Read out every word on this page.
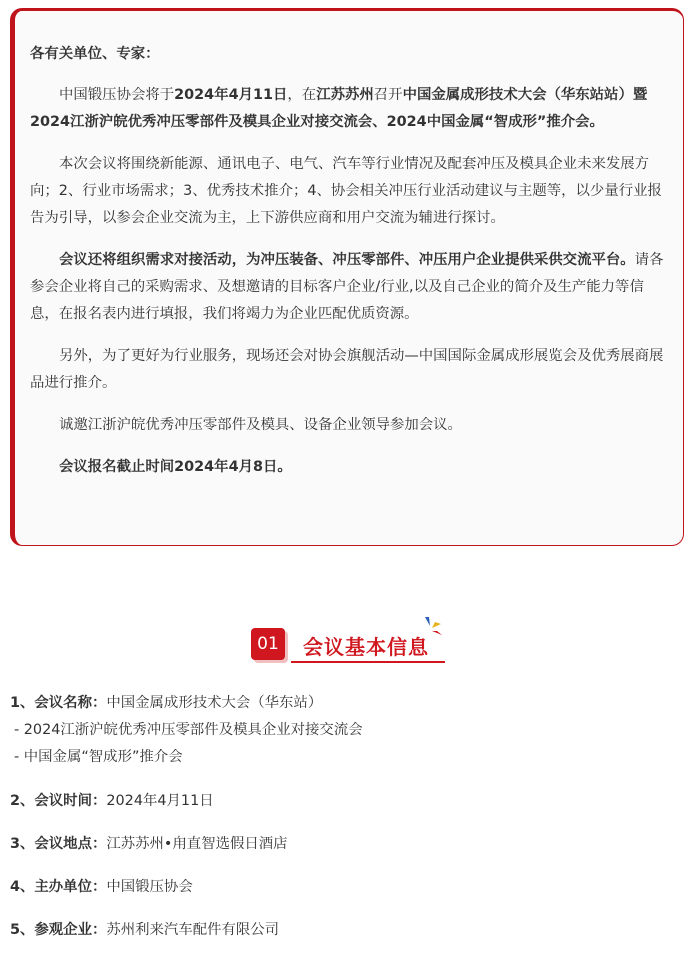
各有关单位、专家：

中国锻压协会将于2024年4月11日，在江苏苏州召开中国金属成形技术大会（华东站站）暨2024江浙沪皖优秀冲压零部件及模具企业对接交流会、2024中国金属“智成形”推介会。

本次会议将围绕新能源、通讯电子、电气、汽车等行业情况及配套冲压及模具企业未来发展方向；2、行业市场需求；3、优秀技术推介；4、协会相关冲压行业活动建议与主题等，以少量行业报告为引导，以参会企业交流为主，上下游供应商和用户交流为辅进行探讨。

会议还将组织需求对接活动，为冲压装备、冲压零部件、冲压用户企业提供采供交流平台。请各参会企业将自己的采购需求、及想邀请的目标客户企业/行业,以及自己企业的简介及生产能力等信息，在报名表内进行填报，我们将竭力为企业匹配优质资源。

另外，为了更好为行业服务，现场还会对协会旗舰活动—中国国际金属成形展览会及优秀展商展品进行推介。

诚邀江浙沪皖优秀冲压零部件及模具、设备企业领导参加会议。

会议报名截止时间2024年4月8日。

01	会议基本信息
1、会议名称：中国金属成形技术大会（华东站）
- 2024江浙沪皖优秀冲压零部件及模具企业对接交流会
- 中国金属“智成形”推介会
2、会议时间：2024年4月11日
3、会议地点：江苏苏州•甪直智选假日酒店
4、主办单位：中国锻压协会
5、参观企业：苏州利来汽车配件有限公司
